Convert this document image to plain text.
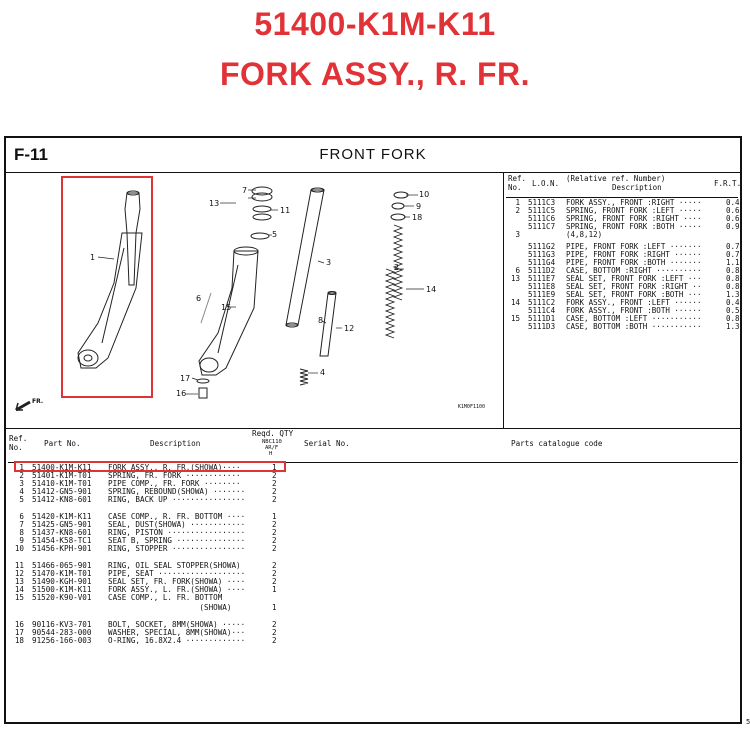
51400-K1M-K11
FORK ASSY., R. FR.
F-11	FRONT FORK
1
2
3
4
5
6
7
8
9
10
11
12
13
14
15
16
17
18
FR.
K1M0F1100
Ref.
No. L.O.N.
(Relative ref. Number)
Description	F.R.T.
1 5111C3 FORK ASSY., FRONT :RIGHT ·····	0.4
2 5111C5 SPRING, FRONT FORK :LEFT ·····	0.6
5111C6 SPRING, FRONT FORK :RIGHT ····	0.6
5111C7 SPRING, FRONT FORK :BOTH ·····	0.9
3	(4,8,12)
5111G2 PIPE, FRONT FORK :LEFT ·······	0.7
5111G3 PIPE, FRONT FORK :RIGHT ······	0.7
5111G4 PIPE, FRONT FORK :BOTH ·······	1.1
6 5111D2 CASE, BOTTOM :RIGHT ··········	0.8
13 5111E7 SEAL SET, FRONT FORK :LEFT ···	0.8
5111E8 SEAL SET, FRONT FORK :RIGHT ··	0.8
5111E9 SEAL SET, FRONT FORK :BOTH ···	1.3
14 5111C2 FORK ASSY., FRONT :LEFT ······	0.4
5111C4 FORK ASSY., FRONT :BOTH ······	0.5
15 5111D1 CASE, BOTTOM :LEFT ···········	0.8
5111D3 CASE, BOTTOM :BOTH ···········	1.3
Ref.
No.	Part No.	Description
Reqd. QTY
NBC110
AR/F
H
Serial No.	Parts catalogue code
1 51400-K1M-K11 FORK ASSY., R. FR.(SHOWA)····	1
2 51401-K1M-T01 SPRING, FR. FORK ············	2
3 51410-K1M-T01 PIPE COMP., FR. FORK ········	2
4 51412-GN5-901 SPRING, REBOUND(SHOWA) ·······	2
5 51412-KN8-601 RING, BACK UP ················	2
6 51420-K1M-K11 CASE COMP., R. FR. BOTTOM ····	1
7 51425-GN5-901 SEAL, DUST(SHOWA) ············	2
8 51437-KN8-601 RING, PISTON ·················	2
9 51454-K58-TC1 SEAT B, SPRING ···············	2
10 51456-KPH-901 RING, STOPPER ················	2
11 51466-065-901 RING, OIL SEAL STOPPER(SHOWA)	2
12 51470-K1M-T01 PIPE, SEAT ···················	2
13 51490-KGH-901 SEAL SET, FR. FORK(SHOWA) ····	2
14 51500-K1M-K11 FORK ASSY., L. FR.(SHOWA) ····	1
15 51520-K90-V01 CASE COMP., L. FR. BOTTOM
(SHOWA)	1
16 90116-KV3-701 BOLT, SOCKET, 8MM(SHOWA) ·····	2
17 90544-283-000 WASHER, SPECIAL, 8MM(SHOWA)···	2
18 91256-166-003 O-RING, 16.8X2.4 ·············	2
5
